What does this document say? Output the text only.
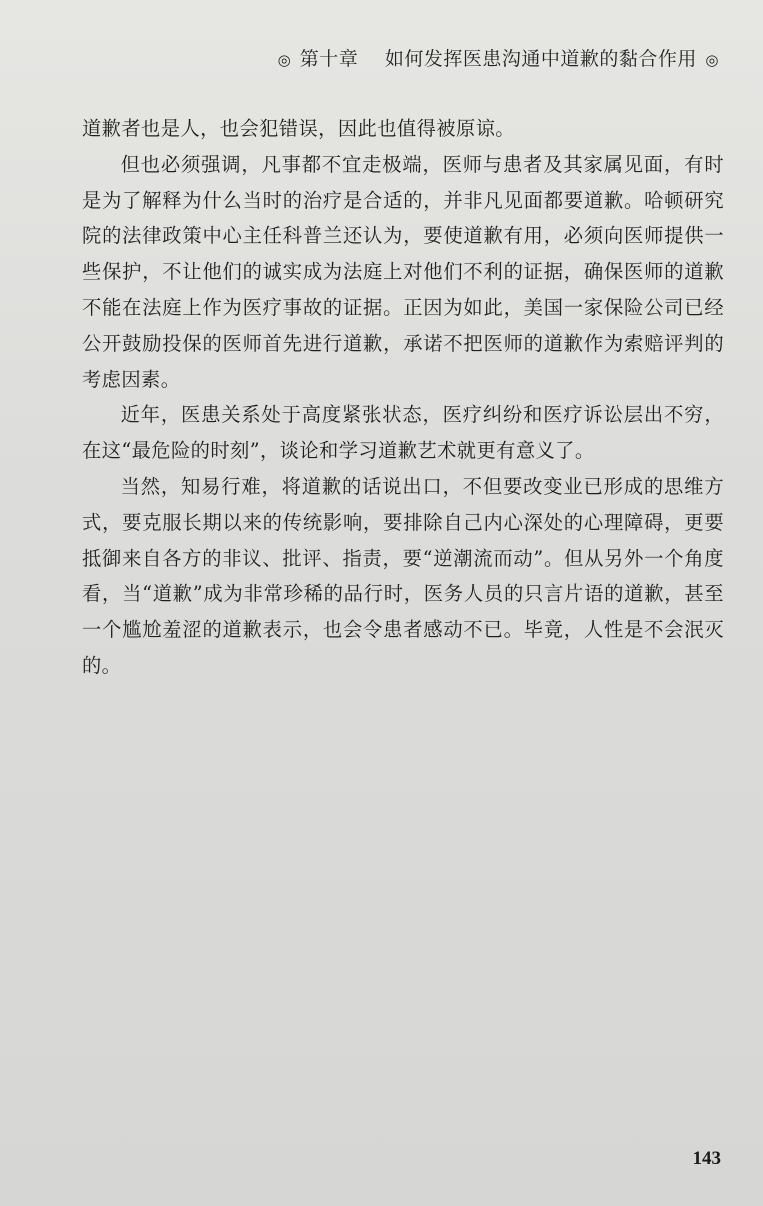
◎ 第十章 如何发挥医患沟通中道歉的黏合作用 ◎

道歉者也是人，也会犯错误，因此也值得被原谅。

但也必须强调，凡事都不宜走极端，医师与患者及其家属见面，有时是为了解释为什么当时的治疗是合适的，并非凡见面都要道歉。哈顿研究院的法律政策中心主任科普兰还认为，要使道歉有用，必须向医师提供一些保护，不让他们的诚实成为法庭上对他们不利的证据，确保医师的道歉不能在法庭上作为医疗事故的证据。正因为如此，美国一家保险公司已经公开鼓励投保的医师首先进行道歉，承诺不把医师的道歉作为索赔评判的考虑因素。

近年，医患关系处于高度紧张状态，医疗纠纷和医疗诉讼层出不穷，在这“最危险的时刻”，谈论和学习道歉艺术就更有意义了。

当然，知易行难，将道歉的话说出口，不但要改变业已形成的思维方式，要克服长期以来的传统影响，要排除自己内心深处的心理障碍，更要抵御来自各方的非议、批评、指责，要“逆潮流而动”。但从另外一个角度看，当“道歉”成为非常珍稀的品行时，医务人员的只言片语的道歉，甚至一个尴尬羞涩的道歉表示，也会令患者感动不已。毕竟，人性是不会泯灭的。

143
